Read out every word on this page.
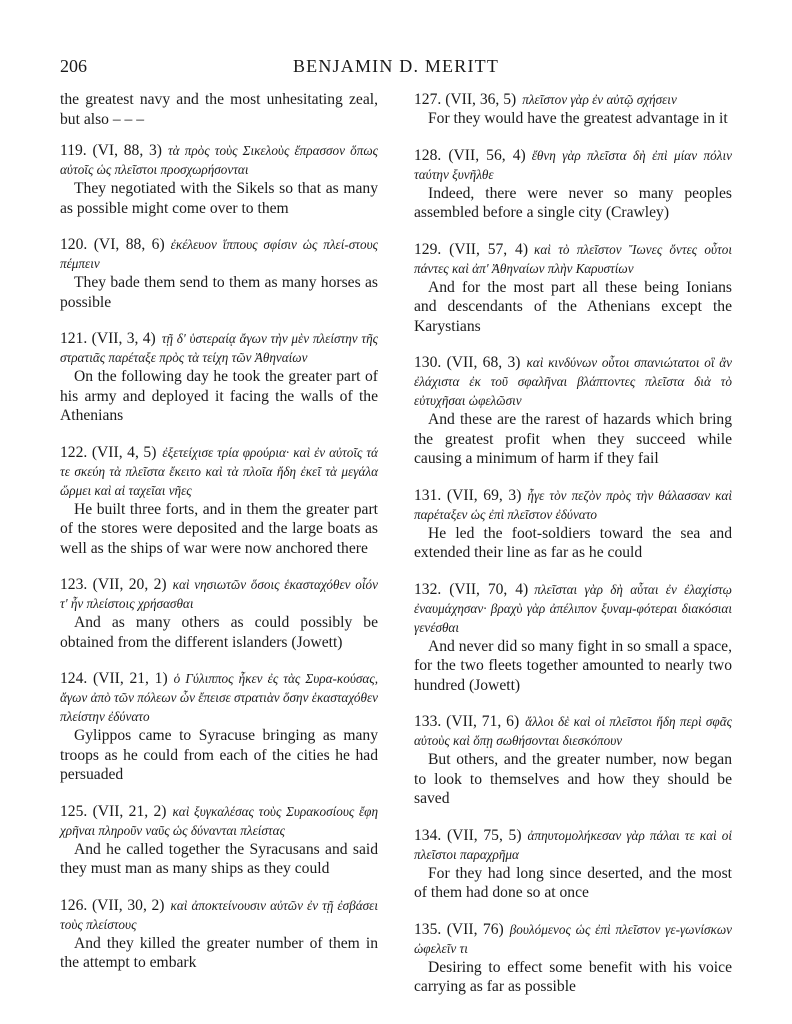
206	BENJAMIN D. MERITT

the greatest navy and the most unhesitating zeal, but also – – –

119. (VI, 88, 3) τὰ πρὸς τοὺς Σικελοὺς ἔπρασσον ὅπως αὐτοῖς ὡς πλεῖστοι προσχωρήσονται

They negotiated with the Sikels so that as many as possible might come over to them

120. (VI, 88, 6) ἐκέλευον ἵππους σφίσιν ὡς πλεί-στους πέμπειν

They bade them send to them as many horses as possible

121. (VII, 3, 4) τῇ δ' ὑστεραίᾳ ἄγων τὴν μὲν πλείστην τῆς στρατιᾶς παρέταξε πρὸς τὰ τείχη τῶν Ἀθηναίων

On the following day he took the greater part of his army and deployed it facing the walls of the Athenians

122. (VII, 4, 5) ἐξετείχισε τρία φρούρια· καὶ ἐν αὐτοῖς τά τε σκεύη τὰ πλεῖστα ἔκειτο καὶ τὰ πλοῖα ἤδη ἐκεῖ τὰ μεγάλα ὥρμει καὶ αἱ ταχεῖαι νῆες

He built three forts, and in them the greater part of the stores were deposited and the large boats as well as the ships of war were now anchored there

123. (VII, 20, 2) καὶ νησιωτῶν ὅσοις ἑκασταχόθεν οἷόν τ' ἦν πλείστοις χρήσασθαι

And as many others as could possibly be obtained from the different islanders (Jowett)

124. (VII, 21, 1) ὁ Γύλιππος ἧκεν ἐς τὰς Συρα-κούσας, ἄγων ἀπὸ τῶν πόλεων ὧν ἔπεισε στρατιὰν ὅσην ἑκασταχόθεν πλείστην ἐδύνατο

Gylippos came to Syracuse bringing as many troops as he could from each of the cities he had persuaded

125. (VII, 21, 2) καὶ ξυγκαλέσας τοὺς Συρακοσίους ἔφη χρῆναι πληροῦν ναῦς ὡς δύνανται πλείστας

And he called together the Syracusans and said they must man as many ships as they could

126. (VII, 30, 2) καὶ ἀποκτείνουσιν αὐτῶν ἐν τῇ ἐσβάσει τοὺς πλείστους

And they killed the greater number of them in the attempt to embark

127. (VII, 36, 5) πλεῖστον γὰρ ἐν αὐτῷ σχήσειν

For they would have the greatest advantage in it

128. (VII, 56, 4) ἔθνη γὰρ πλεῖστα δὴ ἐπὶ μίαν πόλιν ταύτην ξυνῆλθε

Indeed, there were never so many peoples assembled before a single city (Crawley)

129. (VII, 57, 4) καὶ τὸ πλεῖστον Ἴωνες ὄντες οὗτοι πάντες καὶ ἀπ' Ἀθηναίων πλὴν Καρυστίων

And for the most part all these being Ionians and descendants of the Athenians except the Karystians

130. (VII, 68, 3) καὶ κινδύνων οὗτοι σπανιώτατοι οἳ ἂν ἐλάχιστα ἐκ τοῦ σφαλῆναι βλάπτοντες πλεῖστα διὰ τὸ εὐτυχῆσαι ὠφελῶσιν

And these are the rarest of hazards which bring the greatest profit when they succeed while causing a minimum of harm if they fail

131. (VII, 69, 3) ἦγε τὸν πεζὸν πρὸς τὴν θάλασσαν καὶ παρέταξεν ὡς ἐπὶ πλεῖστον ἐδύνατο

He led the foot-soldiers toward the sea and extended their line as far as he could

132. (VII, 70, 4) πλεῖσται γὰρ δὴ αὗται ἐν ἐλαχίστῳ ἐναυμάχησαν· βραχὺ γὰρ ἀπέλιπον ξυναμ-φότεραι διακόσιαι γενέσθαι

And never did so many fight in so small a space, for the two fleets together amounted to nearly two hundred (Jowett)

133. (VII, 71, 6) ἄλλοι δὲ καὶ οἱ πλεῖστοι ἤδη περὶ σφᾶς αὐτοὺς καὶ ὅπῃ σωθήσονται διεσκόπουν

But others, and the greater number, now began to look to themselves and how they should be saved

134. (VII, 75, 5) ἀπηυτομολήκεσαν γὰρ πάλαι τε καὶ οἱ πλεῖστοι παραχρῆμα

For they had long since deserted, and the most of them had done so at once

135. (VII, 76) βουλόμενος ὡς ἐπὶ πλεῖστον γε-γωνίσκων ὠφελεῖν τι

Desiring to effect some benefit with his voice carrying as far as possible
